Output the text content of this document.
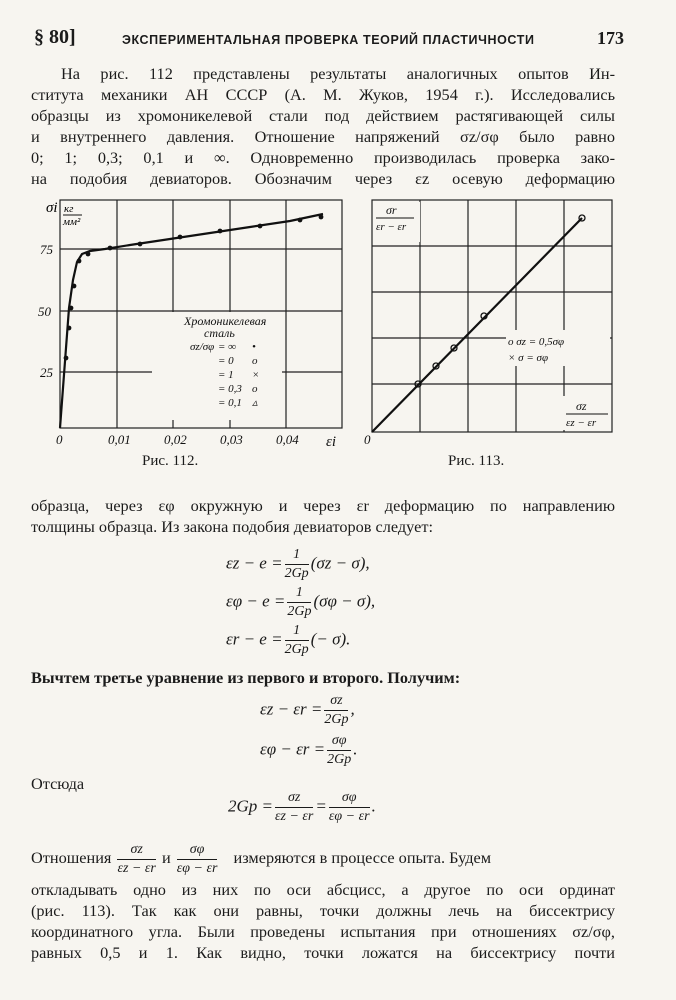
§ 80]	ЭКСПЕРИМЕНТАЛЬНАЯ ПРОВЕРКА ТЕОРИЙ ПЛАСТИЧНОСТИ	173
На рис. 112 представлены результаты аналогичных опытов Ин-
ститута механики АН СССР (А. М. Жуков, 1954 г.). Исследовались
образцы из хромоникелевой стали под действием растягивающей силы
и внутреннего давления. Отношение напряжений σz/σφ было равно
0; 1; 0,3; 0,1 и ∞. Одновременно производилась проверка зако-
на подобия девиаторов. Обозначим через εz осевую деформацию
σi кг
мм²
75
50
25
0	0,01	0,02	0,03	0,04 εi
Хромоникелевая
сталь
σz/σφ = ∞ •
= 0 o
= 1 ×
= 0,3 o
= 0,1 ▵
Рис. 112.
σr
εr − εr
σz
εz − εr
0
o σz = 0,5σφ
× σ = σφ
Рис. 113.
образца, через εφ окружную и через εr деформацию по направлению
толщины образца. Из закона подобия девиаторов следует:
$\varepsilon z - e = \frac{1}{2Gp} (\sigma z - \sigma)$,
$\varepsilon\varphi - e = \frac{1}{2Gp} (\sigma\varphi - \sigma)$,
$\varepsilon r - e = \frac{1}{2Gp}$ (− σ).
Вычтем третье уравнение из первого и второго. Получим:
$\varepsilon z - \varepsilon r = \frac{\sigma z}{2Gp}$ ,
$\varepsilon\varphi - \varepsilon r = \frac{\sigma\varphi}{2Gp}$ .
Отсюда
$2Gp = \frac{\sigma z}{\varepsilon z - \varepsilon r} = \frac{\sigma\varphi}{\varepsilon\varphi - \varepsilon r}$ .
Отношения $\frac{\sigma z}{\varepsilon z - \varepsilon r}$ и $\frac{\sigma\varphi}{\varepsilon\varphi - \varepsilon r}$ измеряются в процессе опыта. Будем
откладывать одно из них по оси абсцисс, а другое по оси ординат
(рис. 113). Так как они равны, точки должны лечь на биссектрису
координатного угла. Были проведены испытания при отношениях σz/σφ,
равных 0,5 и 1. Как видно, точки ложатся на биссектрису почти
